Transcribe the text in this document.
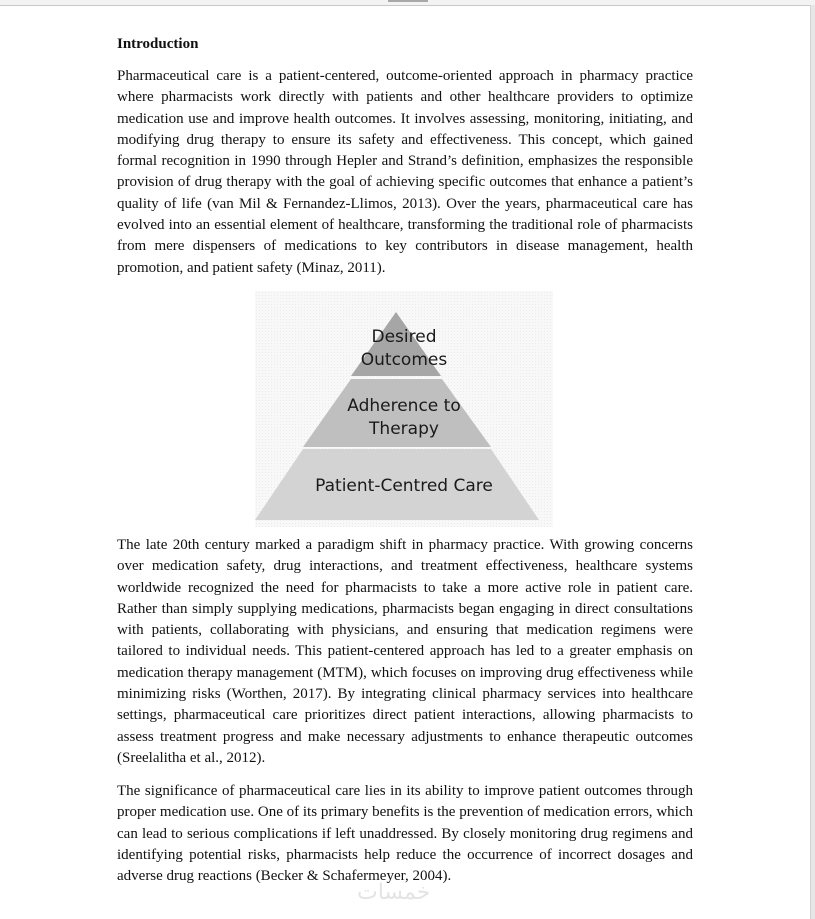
Introduction

Pharmaceutical care is a patient-centered, outcome-oriented approach in pharmacy practice where pharmacists work directly with patients and other healthcare providers to optimize medication use and improve health outcomes. It involves assessing, monitoring, initiating, and modifying drug therapy to ensure its safety and effectiveness. This concept, which gained formal recognition in 1990 through Hepler and Strand’s definition, emphasizes the responsible provision of drug therapy with the goal of achieving specific outcomes that enhance a patient’s quality of life (van Mil & Fernandez-Llimos, 2013). Over the years, pharmaceutical care has evolved into an essential element of healthcare, transforming the traditional role of pharmacists from mere dispensers of medications to key contributors in disease management, health promotion, and patient safety (Minaz, 2011).

Desired
Outcomes
Adherence to
Therapy
Patient-Centred Care

The late 20th century marked a paradigm shift in pharmacy practice. With growing concerns over medication safety, drug interactions, and treatment effectiveness, healthcare systems worldwide recognized the need for pharmacists to take a more active role in patient care. Rather than simply supplying medications, pharmacists began engaging in direct consultations with patients, collaborating with physicians, and ensuring that medication regimens were tailored to individual needs. This patient-centered approach has led to a greater emphasis on medication therapy management (MTM), which focuses on improving drug effectiveness while minimizing risks (Worthen, 2017). By integrating clinical pharmacy services into healthcare settings, pharmaceutical care prioritizes direct patient interactions, allowing pharmacists to assess treatment progress and make necessary adjustments to enhance therapeutic outcomes (Sreelalitha et al., 2012).

The significance of pharmaceutical care lies in its ability to improve patient outcomes through proper medication use. One of its primary benefits is the prevention of medication errors, which can lead to serious complications if left unaddressed. By closely monitoring drug regimens and identifying potential risks, pharmacists help reduce the occurrence of incorrect dosages and adverse drug reactions (Becker & Schafermeyer, 2004).

خمسات
